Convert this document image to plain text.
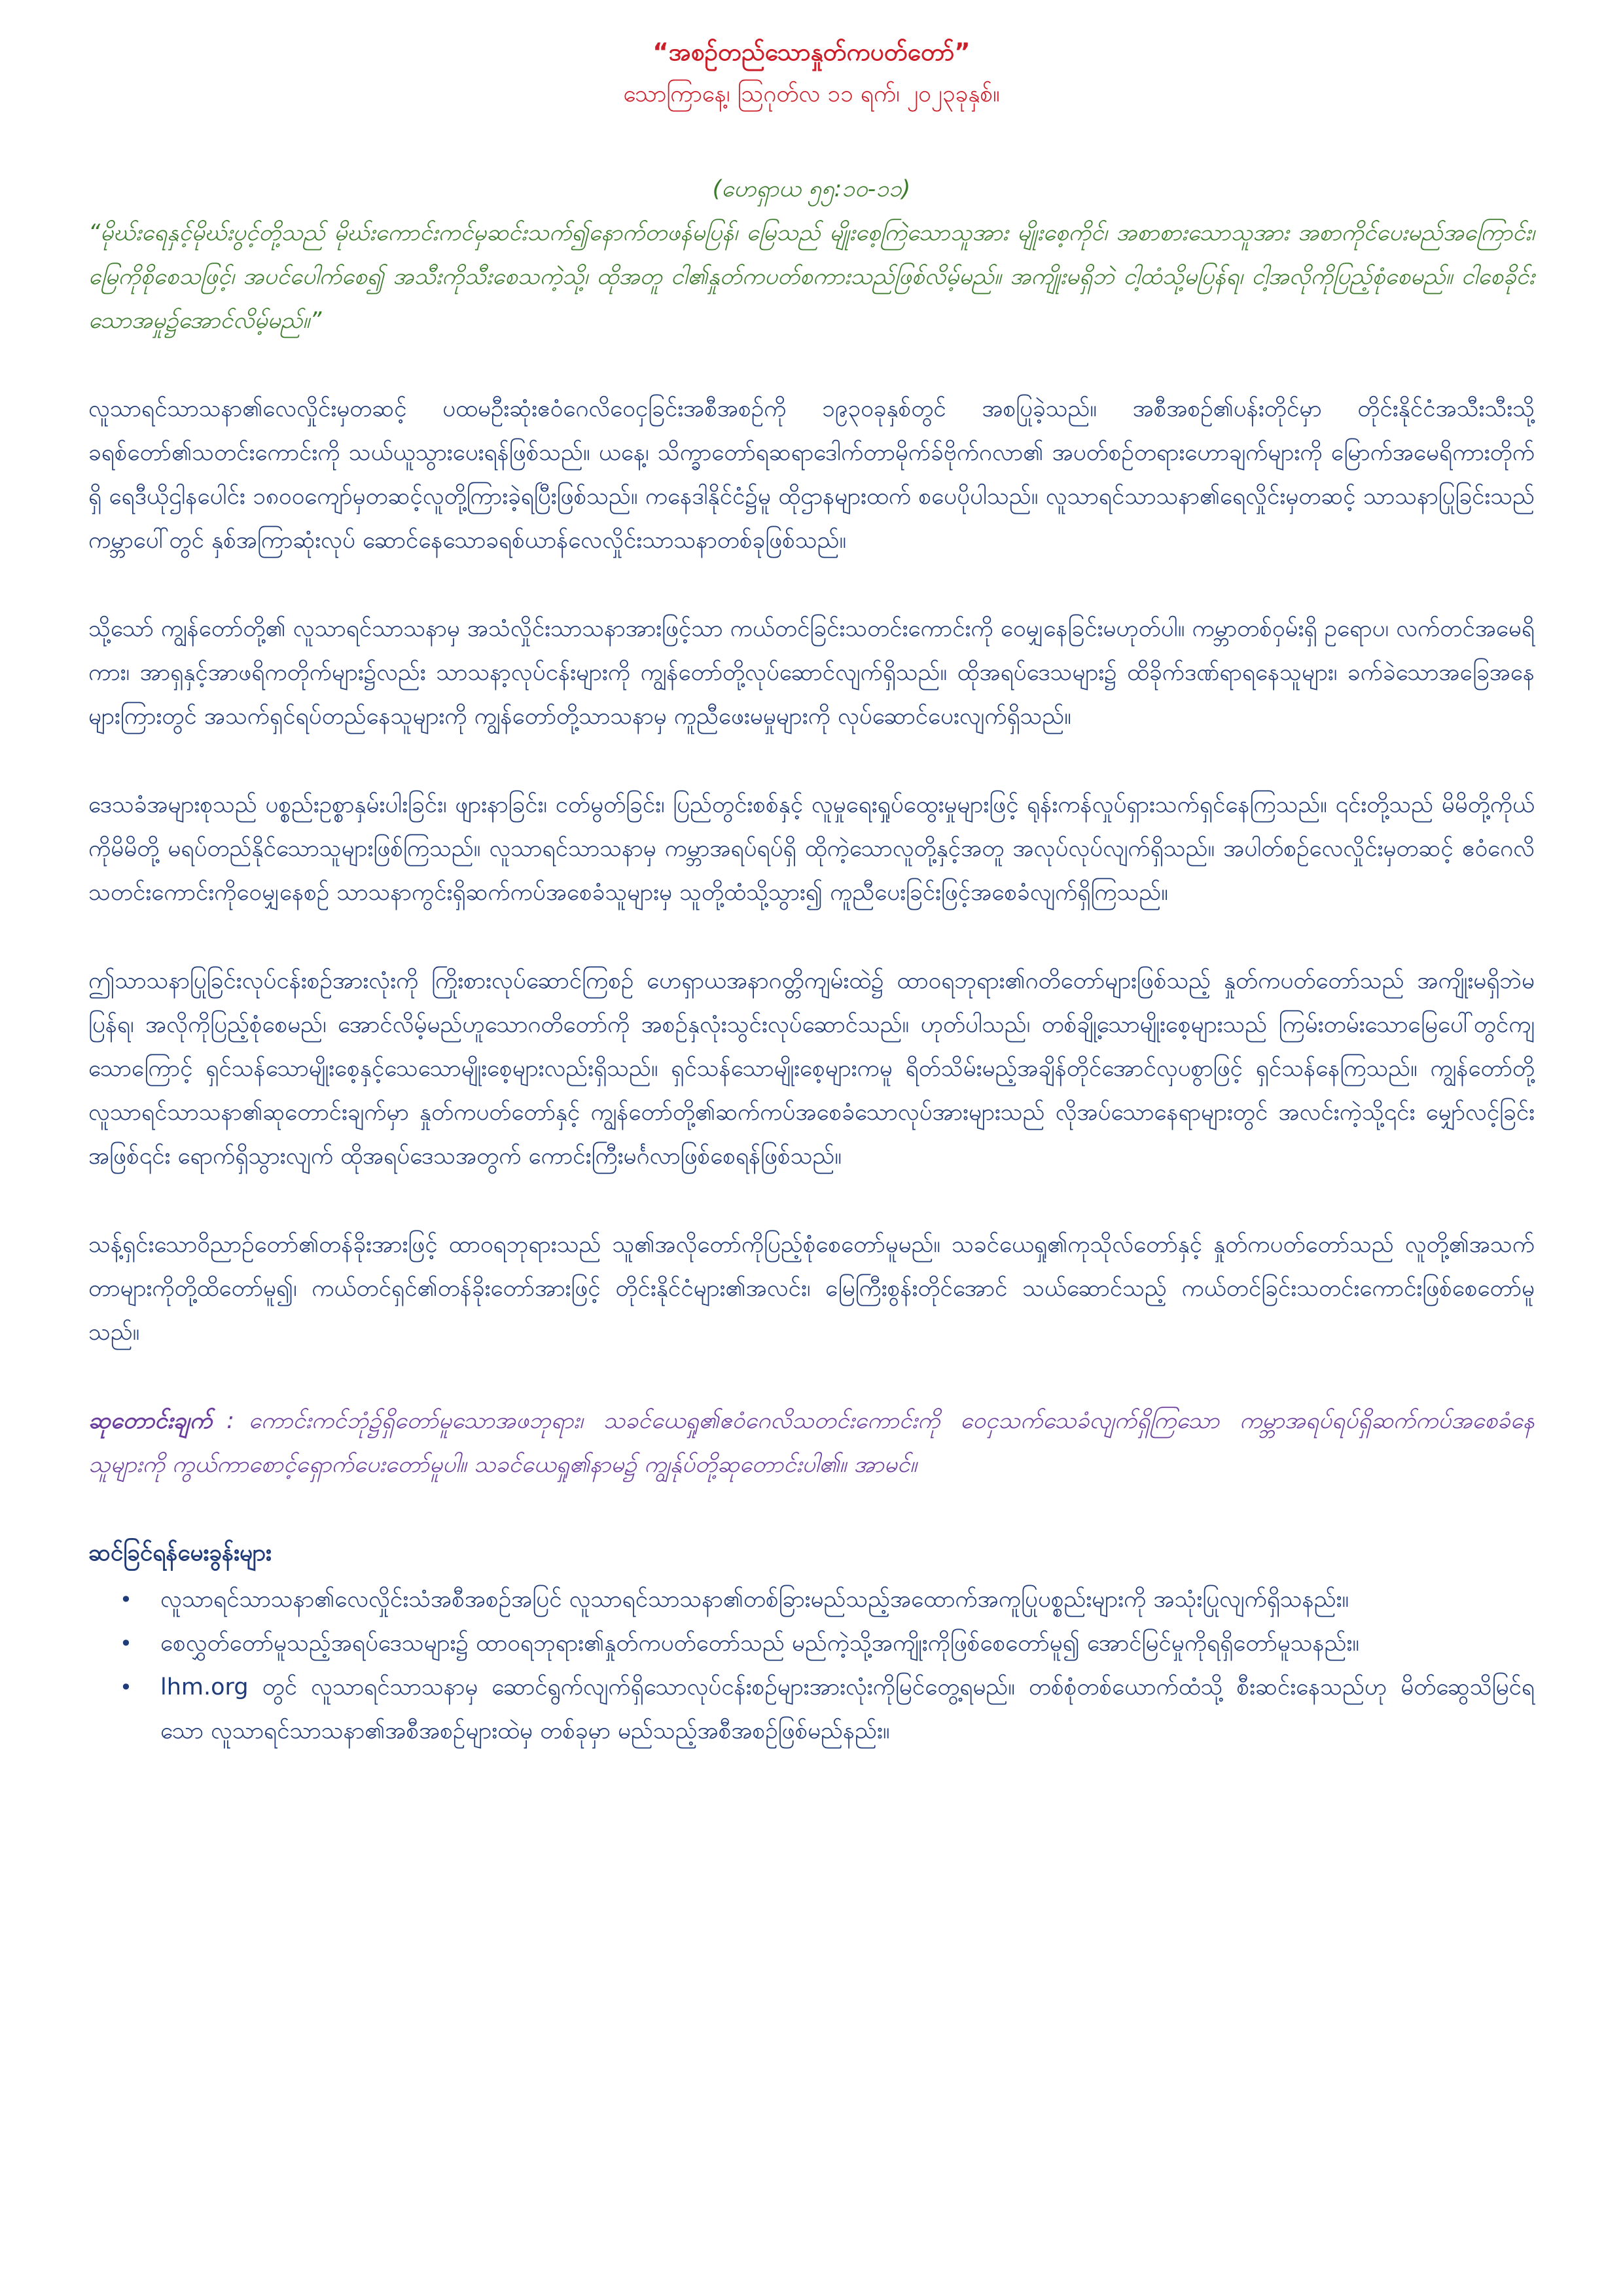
“အစဉ်တည်သောနှုတ်ကပတ်တော်”

သောကြာနေ့၊ ဩဂုတ်လ ၁၁ ရက်၊ ၂၀၂၃ခုနှစ်။

(ဟေရှာယ ၅၅:၁၀-၁၁)
“မိုဃ်းရေနှင့်မိုဃ်းပွင့်တို့သည် မိုဃ်းကောင်းကင်မှဆင်းသက်၍နောက်တဖန်မပြန်၊ မြေသည် မျိုးစေ့ကြဲသောသူအား မျိုးစေ့ကိုင်၊ အစာစားသောသူအား အစာကိုင်ပေးမည်အကြောင်း၊ မြေကိုစိုစေသဖြင့်၊ အပင်ပေါက်စေ၍ အသီးကိုသီးစေသကဲ့သို့၊ ထိုအတူ ငါ၏နှုတ်ကပတ်စကားသည်ဖြစ်လိမ့်မည်။ အကျိုးမရှိဘဲ ငါ့ထံသို့မပြန်ရ၊ ငါ့အလိုကိုပြည့်စုံစေမည်။ ငါစေခိုင်းသောအမှု၌အောင်လိမ့်မည်။”

လူသာရင်သာသနာ၏လေလှိုင်းမှတဆင့် ပထမဦးဆုံးဧဝံဂေလိဝေငှခြင်းအစီအစဉ်ကို ၁၉၃၀ခုနှစ်တွင် အစပြုခဲ့သည်။ အစီအစဉ်၏ပန်းတိုင်မှာ တိုင်းနိုင်ငံအသီးသီးသို့ ခရစ်တော်၏သတင်းကောင်းကို သယ်ယူသွားပေးရန်ဖြစ်သည်။ ယနေ့၊ သိက္ခာတော်ရဆရာဒေါက်တာမိုက်ခ်ဗိုက်ဂလာ၏ အပတ်စဉ်တရားဟောချက်များကို မြောက်အမေရိကားတိုက်ရှိ ရေဒီယိုဌါနပေါင်း ၁၈၀၀ကျော်မှတဆင့်လူတို့ကြားခဲ့ရပြီးဖြစ်သည်။ ကနေဒါနိုင်ငံ၌မူ ထိုဌာနများထက် စပေပိုပါသည်။ လူသာရင်သာသနာ၏ရေလှိုင်းမှတဆင့် သာသနာပြုခြင်းသည် ကမ္ဘာပေါ်တွင် နှစ်အကြာဆုံးလုပ် ဆောင်နေသောခရစ်ယာန်လေလှိုင်းသာသနာတစ်ခုဖြစ်သည်။

သို့သော် ကျွန်တော်တို့၏ လူသာရင်သာသနာမှ အသံလှိုင်းသာသနာအားဖြင့်သာ ကယ်တင်ခြင်းသတင်းကောင်းကို ဝေမျှနေခြင်းမဟုတ်ပါ။ ကမ္ဘာတစ်ဝှမ်းရှိ ဥရောပ၊ လက်တင်အမေရိကား၊ အာရှနှင့်အာဖရိကတိုက်များ၌လည်း သာသနာ့လုပ်ငန်းများကို ကျွန်တော်တို့လုပ်ဆောင်လျက်ရှိသည်။ ထိုအရပ်ဒေသများ၌ ထိခိုက်ဒဏ်ရာရနေသူများ၊ ခက်ခဲသောအခြေအနေများကြားတွင် အသက်ရှင်ရပ်တည်နေသူများကို ကျွန်တော်တို့သာသနာမှ ကူညီဖေးမမှုများကို လုပ်ဆောင်ပေးလျက်ရှိသည်။

ဒေသခံအများစုသည် ပစ္စည်းဥစ္စာနှမ်းပါးခြင်း၊ ဖျားနာခြင်း၊ ငတ်မွတ်ခြင်း၊ ပြည်တွင်းစစ်နှင့် လူမှုရေးရှုပ်ထွေးမှုများဖြင့် ရုန်းကန်လှုပ်ရှားသက်ရှင်နေကြသည်။ ၎င်းတို့သည် မိမိတို့ကိုယ်ကိုမိမိတို့ မရပ်တည်နိုင်သောသူများဖြစ်ကြသည်။ လူသာရင်သာသနာမှ ကမ္ဘာအရပ်ရပ်ရှိ ထိုကဲ့သောလူတို့နှင့်အတူ အလုပ်လုပ်လျက်ရှိသည်။ အပါတ်စဉ်လေလှိုင်းမှတဆင့် ဧဝံဂေလိသတင်းကောင်းကိုဝေမျှနေစဉ် သာသနာကွင်းရှိဆက်ကပ်အစေခံသူများမှ သူတို့ထံသို့သွား၍ ကူညီပေးခြင်းဖြင့်အစေခံလျက်ရှိကြသည်။

ဤသာသနာပြုခြင်းလုပ်ငန်းစဉ်အားလုံးကို ကြိုးစားလုပ်ဆောင်ကြစဉ် ဟေရှာယအနာဂတ္တိကျမ်းထဲ၌ ထာဝရဘုရား၏ဂတိတော်များဖြစ်သည့် နှုတ်ကပတ်တော်သည် အကျိုးမရှိဘဲမပြန်ရ၊ အလိုကိုပြည့်စုံစေမည်၊ အောင်လိမ့်မည်ဟူသောဂတိတော်ကို အစဉ်နှလုံးသွင်းလုပ်ဆောင်သည်။ ဟုတ်ပါသည်၊ တစ်ချို့သောမျိုးစေ့များသည် ကြမ်းတမ်းသောမြေပေါ်တွင်ကျသောကြောင့် ရှင်သန်သောမျိုးစေ့နှင့်သေသောမျိုးစေ့များလည်းရှိသည်။ ရှင်သန်သောမျိုးစေ့များကမူ ရိတ်သိမ်းမည့်အချိန်တိုင်အောင်လှပစွာဖြင့် ရှင်သန်နေကြသည်။ ကျွန်တော်တို့ လူသာရင်သာသနာ၏ဆုတောင်းချက်မှာ နှုတ်ကပတ်တော်နှင့် ကျွန်တော်တို့၏ဆက်ကပ်အစေခံသောလုပ်အားများသည် လိုအပ်သောနေရာများတွင် အလင်းကဲ့သို့၎င်း မျှော်လင့်ခြင်းအဖြစ်၎င်း ရောက်ရှိသွားလျက် ထိုအရပ်ဒေသအတွက် ကောင်းကြီးမင်္ဂလာဖြစ်စေရန်ဖြစ်သည်။

သန့်ရှင်းသောဝိညာဉ်တော်၏တန်ခိုးအားဖြင့် ထာဝရဘုရားသည် သူ၏အလိုတော်ကိုပြည့်စုံစေတော်မူမည်။ သခင်ယေရှု၏ကုသိုလ်တော်နှင့် နှုတ်ကပတ်တော်သည် လူတို့၏အသက်တာများကိုတို့ထိတော်မူ၍၊ ကယ်တင်ရှင်၏တန်ခိုးတော်အားဖြင့် တိုင်းနိုင်ငံများ၏အလင်း၊ မြေကြီးစွန်းတိုင်အောင် သယ်ဆောင်သည့် ကယ်တင်ခြင်းသတင်းကောင်းဖြစ်စေတော်မူသည်။

ဆုတောင်းချက် : ကောင်းကင်ဘုံ၌ရှိတော်မူသောအဖဘုရား၊ သခင်ယေရှု၏ဧဝံဂေလိသတင်းကောင်းကို ဝေငှသက်သေခံလျက်ရှိကြသော ကမ္ဘာအရပ်ရပ်ရှိဆက်ကပ်အစေခံနေသူများကို ကွယ်ကာစောင့်ရှောက်ပေးတော်မူပါ။ သခင်ယေရှု၏နာမ၌ ကျွန်ုပ်တို့ဆုတောင်းပါ၏။ အာမင်။

ဆင်ခြင်ရန်မေးခွန်းများ
• လူသာရင်သာသနာ၏လေလှိုင်းသံအစီအစဉ်အပြင် လူသာရင်သာသနာ၏တစ်ခြားမည်သည့်အထောက်အကူပြုပစ္စည်းများကို အသုံးပြုလျက်ရှိသနည်း။
• စေလွှတ်တော်မူသည့်အရပ်ဒေသများ၌ ထာဝရဘုရား၏နှုတ်ကပတ်တော်သည် မည်ကဲ့သို့အကျိုးကိုဖြစ်စေတော်မူ၍ အောင်မြင်မှုကိုရရှိတော်မူသနည်း။
• lhm.org တွင် လူသာရင်သာသနာမှ ဆောင်ရွက်လျက်ရှိသောလုပ်ငန်းစဉ်များအားလုံးကိုမြင်တွေ့ရမည်။ တစ်စုံတစ်ယောက်ထံသို့ စီးဆင်းနေသည်ဟု မိတ်ဆွေသိမြင်ရသော လူသာရင်သာသနာ၏အစီအစဉ်များထဲမှ တစ်ခုမှာ မည်သည့်အစီအစဉ်ဖြစ်မည်နည်း။
